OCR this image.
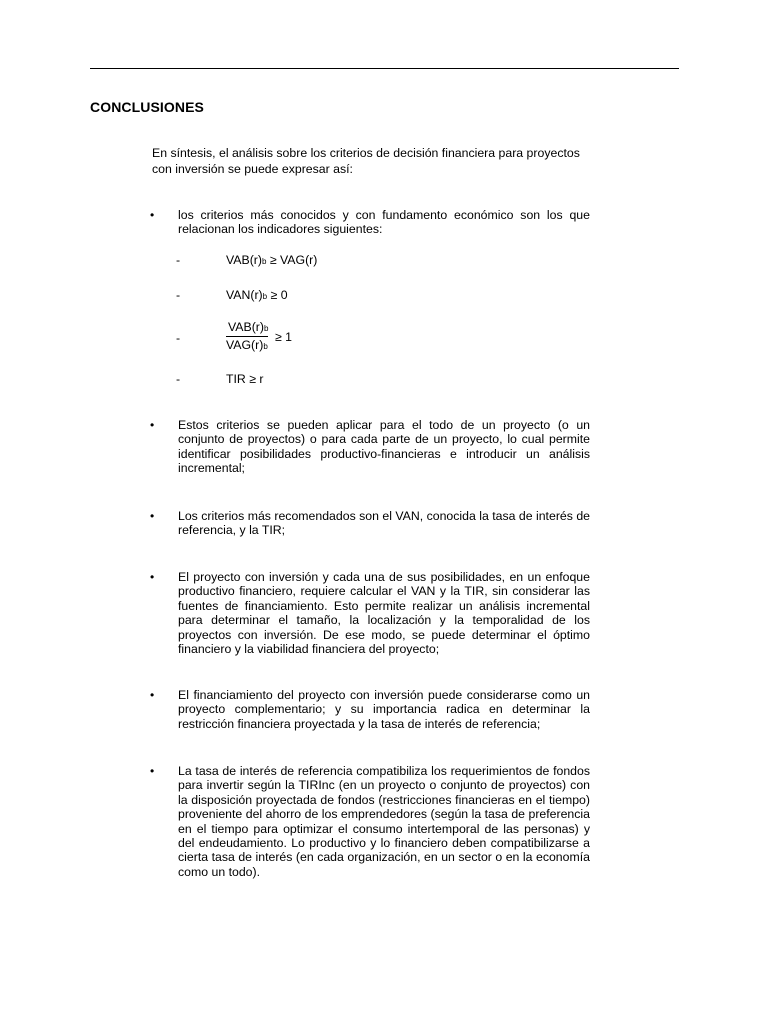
CONCLUSIONES
En síntesis, el análisis sobre los criterios de decisión financiera para proyectos con inversión se puede expresar así:
• los criterios más conocidos y con fundamento económico son los que relacionan los indicadores siguientes:
-	VAB(r)b ≥ VAG(r)
-	VAN(r)b ≥ 0
-
VAB(r)b
VAG(r)b
≥ 1
-	TIR ≥ r
• Estos criterios se pueden aplicar para el todo de un proyecto (o un conjunto de proyectos) o para cada parte de un proyecto, lo cual permite identificar posibilidades productivo-financieras e introducir un análisis incremental;
• Los criterios más recomendados son el VAN, conocida la tasa de interés de referencia, y la TIR;
• El proyecto con inversión y cada una de sus posibilidades, en un enfoque productivo financiero, requiere calcular el VAN y la TIR, sin considerar las fuentes de financiamiento. Esto permite realizar un análisis incremental para determinar el tamaño, la localización y la temporalidad de los proyectos con inversión. De ese modo, se puede determinar el óptimo financiero y la viabilidad financiera del proyecto;
• El financiamiento del proyecto con inversión puede considerarse como un proyecto complementario; y su importancia radica en determinar la restricción financiera proyectada y la tasa de interés de referencia;
• La tasa de interés de referencia compatibiliza los requerimientos de fondos para invertir según la TIRInc (en un proyecto o conjunto de proyectos) con la disposición proyectada de fondos (restricciones financieras en el tiempo) proveniente del ahorro de los emprendedores (según la tasa de preferencia en el tiempo para optimizar el consumo intertemporal de las personas) y del endeudamiento. Lo productivo y lo financiero deben compatibilizarse a cierta tasa de interés (en cada organización, en un sector o en la economía como un todo).
